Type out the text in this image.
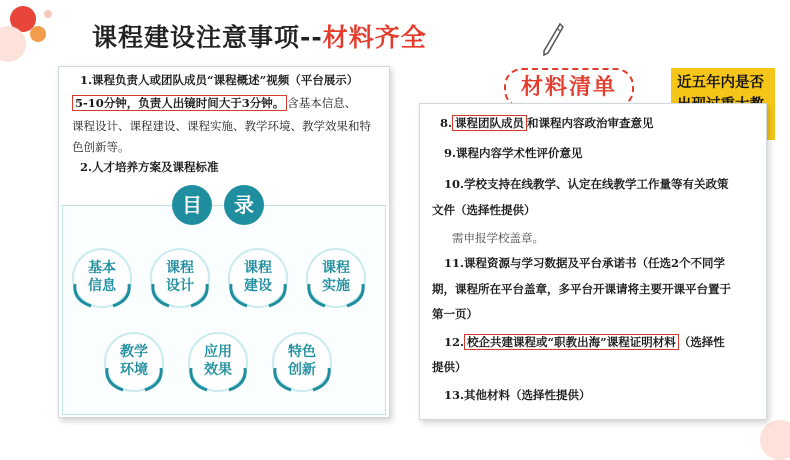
课程建设注意事项--材料齐全
1.课程负责人或团队成员“课程概述”视频（平台展示）
5-10分钟，负责人出镜时间大于3分钟。 含基本信息、
课程设计、课程建设、课程实施、教学环境、教学效果和特
色创新等。
2.人才培养方案及课程标准
目	录
基本
信息
课程
设计
课程
建设
课程
实施
教学
环境
应用
效果
特色
创新
材料清单	近五年内是否
8. 课程团队成员 和课程内容政治审查意见
9.课程内容学术性评价意见
10.学校支持在线教学、认定在线教学工作量等有关政策
文件（选择性提供）
需申报学校盖章。
11.课程资源与学习数据及平台承诺书（任选2个不同学
期，课程所在平台盖章，多平台开课请将主要开课平台置于
第一页）
12. 校企共建课程或“职教出海”课程证明材料 （选择性
提供）
13.其他材料（选择性提供）
